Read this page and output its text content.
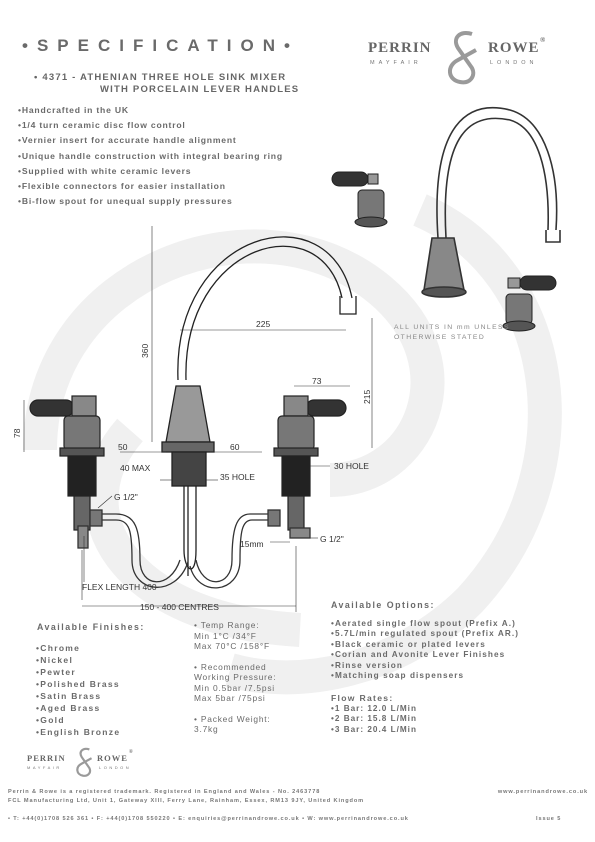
•SPECIFICATION•	PERRIN	ROWE ®
MAYFAIR	LONDON
• 4371 - ATHENIAN THREE HOLE SINK MIXER
WITH PORCELAIN LEVER HANDLES
• Handcrafted in the UK
• 1/4 turn ceramic disc flow control
• Vernier insert for accurate handle alignment
• Unique handle construction with integral bearing ring
• Supplied with white ceramic levers
• Flexible connectors for easier installation
• Bi-flow spout for unequal supply pressures
ALL UNITS IN mm UNLESS OTHERWISE STATED
225
360
215
73
78
50	60
40 MAX
35 HOLE
30 HOLE
G 1/2"
G 1/2"
15mm
FLEX LENGTH 400
150 - 400 CENTRES
Available Finishes:
• Chrome
• Nickel
• Pewter
• Polished Brass
• Satin Brass
• Aged Brass
• Gold
• English Bronze
• Temp Range:
Min 1°C /34°F
Max 70°C /158°F
• Recommended
Working Pressure:
Min 0.5bar /7.5psi
Max 5bar /75psi
• Packed Weight:
3.7kg
Available Options:
• Aerated single flow spout (Prefix A.)
• 5.7L/min regulated spout (Prefix AR.)
• Black ceramic or plated levers
• Corian and Avonite Lever Finishes
• Rinse version
• Matching soap dispensers
Flow Rates:
• 1 Bar: 12.0 L/Min
• 2 Bar: 15.8 L/Min
• 3 Bar: 20.4 L/Min
PERRIN	ROWE
®
MAYFAIR	LONDON
Perrin & Rowe is a registered trademark. Registered in England and Wales - No. 2463778	www.perrinandrowe.co.uk
FCL Manufacturing Ltd, Unit 1, Gateway XIII, Ferry Lane, Rainham, Essex, RM13 9JY, United Kingdom
• T: +44(0)1708 526 361 • F: +44(0)1708 550220 • E: enquiries@perrinandrowe.co.uk • W: www.perrinandrowe.co.uk	Issue 5
